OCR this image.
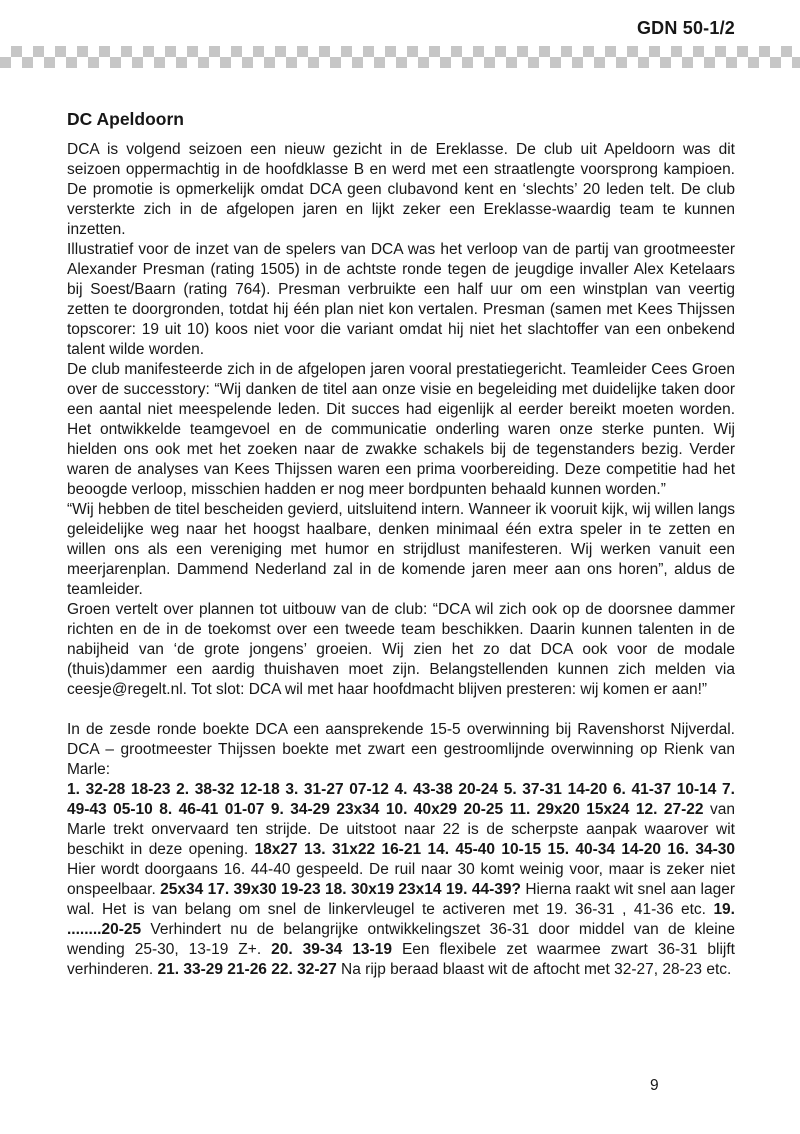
GDN 50-1/2
DC Apeldoorn

DCA is volgend seizoen een nieuw gezicht in de Ereklasse. De club uit Apeldoorn was dit seizoen oppermachtig in de hoofdklasse B en werd met een straatlengte voorsprong kampioen. De promotie is opmerkelijk omdat DCA geen clubavond kent en ‘slechts’ 20 leden telt. De club versterkte zich in de afgelopen jaren en lijkt zeker een Ereklasse-waardig team te kunnen inzetten.

Illustratief voor de inzet van de spelers van DCA was het verloop van de partij van grootmeester Alexander Presman (rating 1505) in de achtste ronde tegen de jeugdige invaller Alex Ketelaars bij Soest/Baarn (rating 764). Presman verbruikte een half uur om een winstplan van veertig zetten te doorgronden, totdat hij één plan niet kon vertalen. Presman (samen met Kees Thijssen topscorer: 19 uit 10) koos niet voor die variant omdat hij niet het slachtoffer van een onbekend talent wilde worden.

De club manifesteerde zich in de afgelopen jaren vooral prestatiegericht. Teamleider Cees Groen over de successtory: “Wij danken de titel aan onze visie en begeleiding met duidelijke taken door een aantal niet meespelende leden. Dit succes had eigenlijk al eerder bereikt moeten worden. Het ontwikkelde teamgevoel en de communicatie onderling waren onze sterke punten. Wij hielden ons ook met het zoeken naar de zwakke schakels bij de tegenstanders bezig. Verder waren de analyses van Kees Thijssen waren een prima voorbereiding. Deze competitie had het beoogde verloop, misschien hadden er nog meer bordpunten behaald kunnen worden.”

“Wij hebben de titel bescheiden gevierd, uitsluitend intern. Wanneer ik vooruit kijk, wij willen langs geleidelijke weg naar het hoogst haalbare, denken minimaal één extra speler in te zetten en willen ons als een vereniging met humor en strijdlust manifesteren. Wij werken vanuit een meerjarenplan. Dammend Nederland zal in de komende jaren meer aan ons horen”, aldus de teamleider.

Groen vertelt over plannen tot uitbouw van de club: “DCA wil zich ook op de doorsnee dammer richten en de in de toekomst over een tweede team beschikken. Daarin kunnen talenten in de nabijheid van ‘de grote jongens’ groeien. Wij zien het zo dat DCA ook voor de modale (thuis)dammer een aardig thuishaven moet zijn. Belangstellenden kunnen zich melden via ceesje@regelt.nl. Tot slot: DCA wil met haar hoofdmacht blijven presteren: wij komen er aan!”

In de zesde ronde boekte DCA een aansprekende 15-5 overwinning bij Ravenshorst Nijverdal. DCA – grootmeester Thijssen boekte met zwart een gestroomlijnde overwinning op Rienk van Marle:
1. 32-28 18-23 2. 38-32 12-18 3. 31-27 07-12 4. 43-38 20-24 5. 37-31 14-20 6. 41-37 10-14 7. 49-43 05-10 8. 46-41 01-07 9. 34-29 23x34 10. 40x29 20-25 11. 29x20 15x24 12. 27-22 van Marle trekt onvervaard ten strijde. De uitstoot naar 22 is de scherpste aanpak waarover wit beschikt in deze opening. 18x27 13. 31x22 16-21 14. 45-40 10-15 15. 40-34 14-20 16. 34-30 Hier wordt doorgaans 16. 44-40 gespeeld. De ruil naar 30 komt weinig voor, maar is zeker niet onspeelbaar. 25x34 17. 39x30 19-23 18. 30x19 23x14 19. 44-39? Hierna raakt wit snel aan lager wal. Het is van belang om snel de linkervleugel te activeren met 19. 36-31 , 41-36 etc. 19. ........20-25 Verhindert nu de belangrijke ontwikkelingszet 36-31 door middel van de kleine wending 25-30, 13-19 Z+. 20. 39-34 13-19 Een flexibele zet waarmee zwart 36-31 blijft verhinderen. 21. 33-29 21-26 22. 32-27 Na rijp beraad blaast wit de aftocht met 32-27, 28-23 etc.

9
